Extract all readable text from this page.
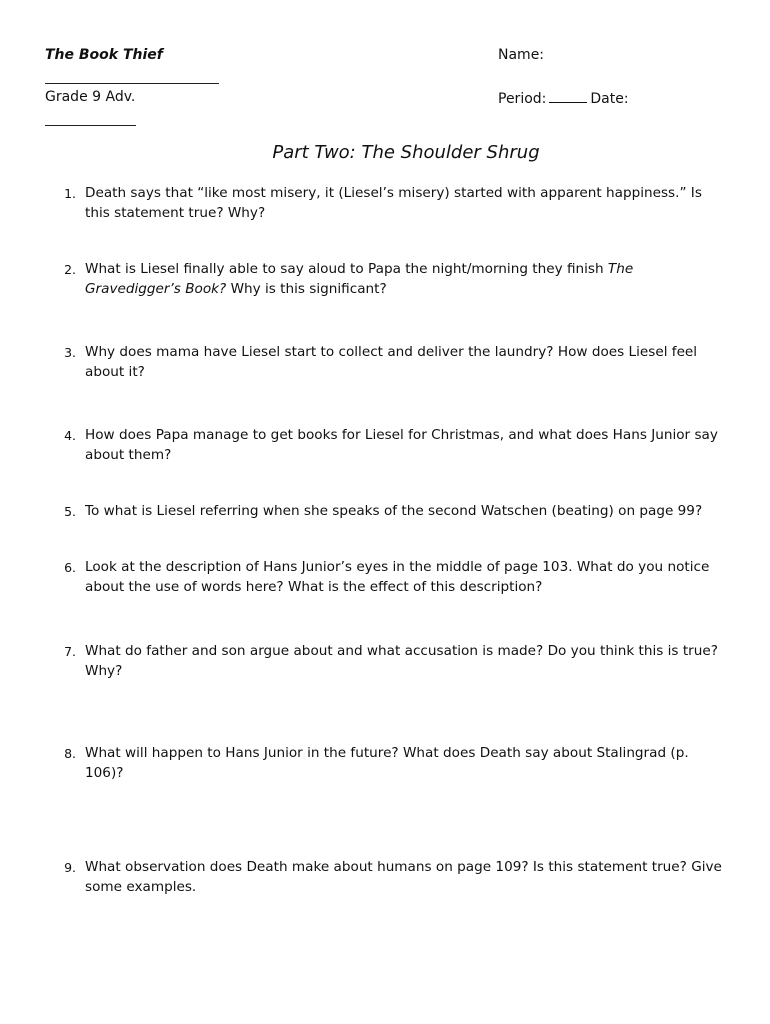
The Book Thief
Grade 9 Adv.
Name:
Period:	Date:
Part Two: The Shoulder Shrug
1. Death says that “like most misery, it (Liesel’s misery) started with apparent happiness.” Is this statement true? Why?
2. What is Liesel finally able to say aloud to Papa the night/morning they finish The Gravedigger’s Book? Why is this significant?
3. Why does mama have Liesel start to collect and deliver the laundry? How does Liesel feel about it?
4. How does Papa manage to get books for Liesel for Christmas, and what does Hans Junior say about them?
5. To what is Liesel referring when she speaks of the second Watschen (beating) on page 99?
6. Look at the description of Hans Junior’s eyes in the middle of page 103. What do you notice about the use of words here? What is the effect of this description?
7. What do father and son argue about and what accusation is made? Do you think this is true? Why?
8. What will happen to Hans Junior in the future? What does Death say about Stalingrad (p. 106)?
9. What observation does Death make about humans on page 109? Is this statement true? Give some examples.
